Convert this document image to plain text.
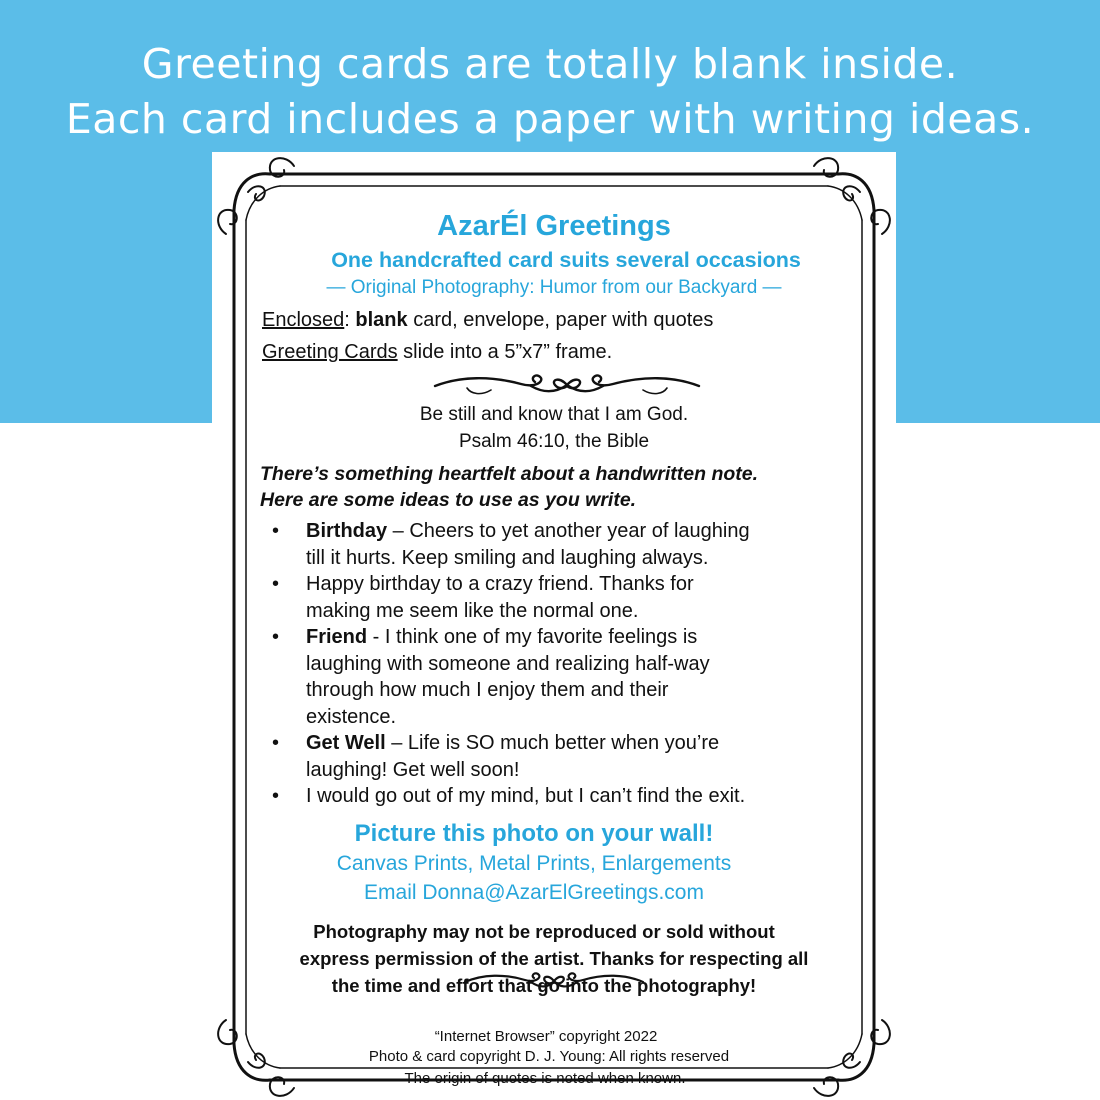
Greeting cards are totally blank inside.
Each card includes a paper with writing ideas.
AzarÉl Greetings
One handcrafted card suits several occasions
— Original Photography: Humor from our Backyard —
Enclosed: blank card, envelope, paper with quotes
Greeting Cards slide into a 5”x7” frame.
Be still and know that I am God.
Psalm 46:10, the Bible
There’s something heartfelt about a handwritten note.
Here are some ideas to use as you write.
• Birthday – Cheers to yet another year of laughing
till it hurts. Keep smiling and laughing always.
• Happy birthday to a crazy friend. Thanks for
making me seem like the normal one.
• Friend - I think one of my favorite feelings is
laughing with someone and realizing half-way
through how much I enjoy them and their
existence.
• Get Well – Life is SO much better when you’re
laughing! Get well soon!
• I would go out of my mind, but I can’t find the exit.
Picture this photo on your wall!
Canvas Prints, Metal Prints, Enlargements
Email Donna@AzarElGreetings.com
Photography may not be reproduced or sold without
express permission of the artist. Thanks for respecting all
the time and effort that go into the photography!
“Internet Browser” copyright 2022
Photo & card copyright D. J. Young: All rights reserved
The origin of quotes is noted when known.
